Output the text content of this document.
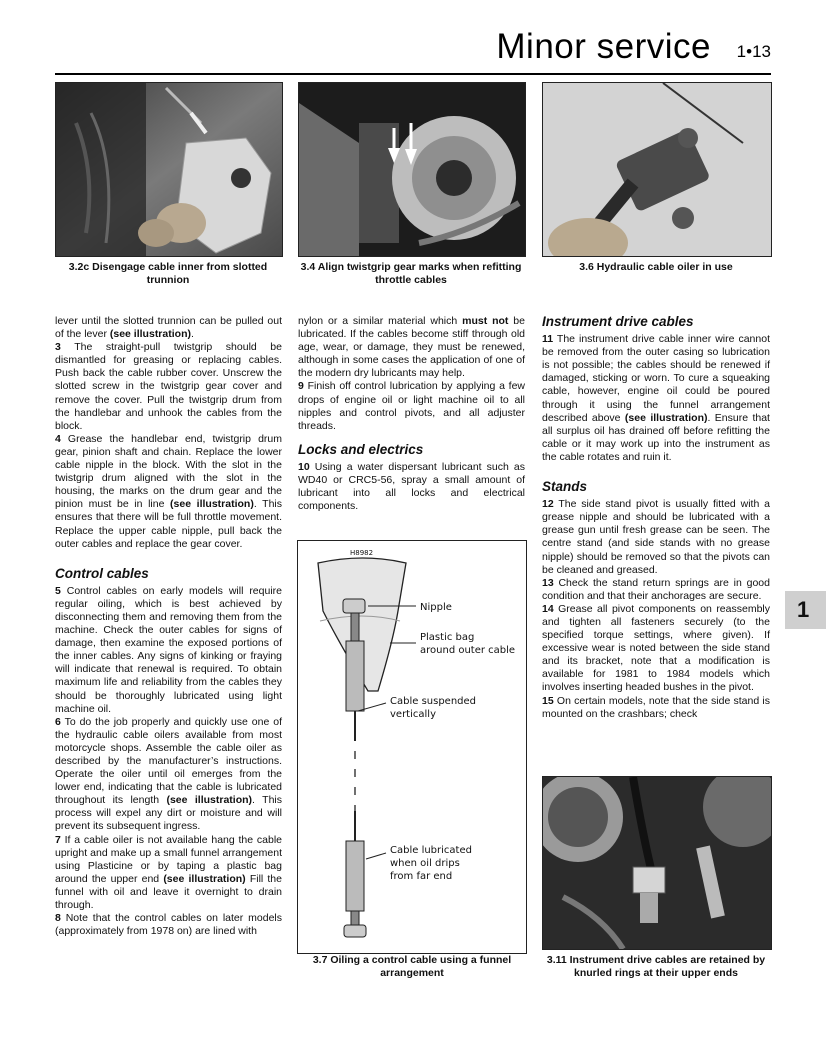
Minor service 1•13
3.2c Disengage cable inner from slotted trunnion
3.4 Align twistgrip gear marks when refitting throttle cables
3.6 Hydraulic cable oiler in use

lever until the slotted trunnion can be pulled out of the lever (see illustration).

3 The straight-pull twistgrip should be dismantled for greasing or replacing cables. Push back the cable rubber cover. Unscrew the slotted screw in the twistgrip gear cover and remove the cover. Pull the twistgrip drum from the handlebar and unhook the cables from the block.

4 Grease the handlebar end, twistgrip drum gear, pinion shaft and chain. Replace the lower cable nipple in the block. With the slot in the twistgrip drum aligned with the slot in the housing, the marks on the drum gear and the pinion must be in line (see illustration). This ensures that there will be full throttle movement. Replace the upper cable nipple, pull back the outer cables and replace the gear cover.

Control cables

5 Control cables on early models will require regular oiling, which is best achieved by disconnecting them and removing them from the machine. Check the outer cables for signs of damage, then examine the exposed portions of the inner cables. Any signs of kinking or fraying will indicate that renewal is required. To obtain maximum life and reliability from the cables they should be thoroughly lubricated using light machine oil.

6 To do the job properly and quickly use one of the hydraulic cable oilers available from most motorcycle shops. Assemble the cable oiler as described by the manufacturer’s instructions. Operate the oiler until oil emerges from the lower end, indicating that the cable is lubricated throughout its length (see illustration). This process will expel any dirt or moisture and will prevent its subsequent ingress.

7 If a cable oiler is not available hang the cable upright and make up a small funnel arrangement using Plasticine or by taping a plastic bag around the upper end (see illustration) Fill the funnel with oil and leave it overnight to drain through.

8 Note that the control cables on later models (approximately from 1978 on) are lined with

nylon or a similar material which must not be lubricated. If the cables become stiff through old age, wear, or damage, they must be renewed, although in some cases the application of one of the modern dry lubricants may help.

9 Finish off control lubrication by applying a few drops of engine oil or light machine oil to all nipples and control pivots, and all adjuster threads.

Locks and electrics

10 Using a water dispersant lubricant such as WD40 or CRC5-56, spray a small amount of lubricant into all locks and electrical components.

H8982
Nipple
Plastic bag
around outer cable
Cable suspended
vertically
Cable lubricated
when oil drips
from far end
3.7 Oiling a control cable using a funnel arrangement

Instrument drive cables

11 The instrument drive cable inner wire cannot be removed from the outer casing so lubrication is not possible; the cables should be renewed if damaged, sticking or worn. To cure a squeaking cable, however, engine oil could be poured through it using the funnel arrangement described above (see illustration). Ensure that all surplus oil has drained off before refitting the cable or it may work up into the instrument as the cable rotates and ruin it.

Stands

12 The side stand pivot is usually fitted with a grease nipple and should be lubricated with a grease gun until fresh grease can be seen. The centre stand (and side stands with no grease nipple) should be removed so that the pivots can be cleaned and greased.

13 Check the stand return springs are in good condition and that their anchorages are secure.

14 Grease all pivot components on reassembly and tighten all fasteners securely (to the specified torque settings, where given). If excessive wear is noted between the side stand and its bracket, note that a modification is available for 1981 to 1984 models which involves inserting headed bushes in the pivot.

15 On certain models, note that the side stand is mounted on the crashbars; check

1
3.11 Instrument drive cables are retained by knurled rings at their upper ends
